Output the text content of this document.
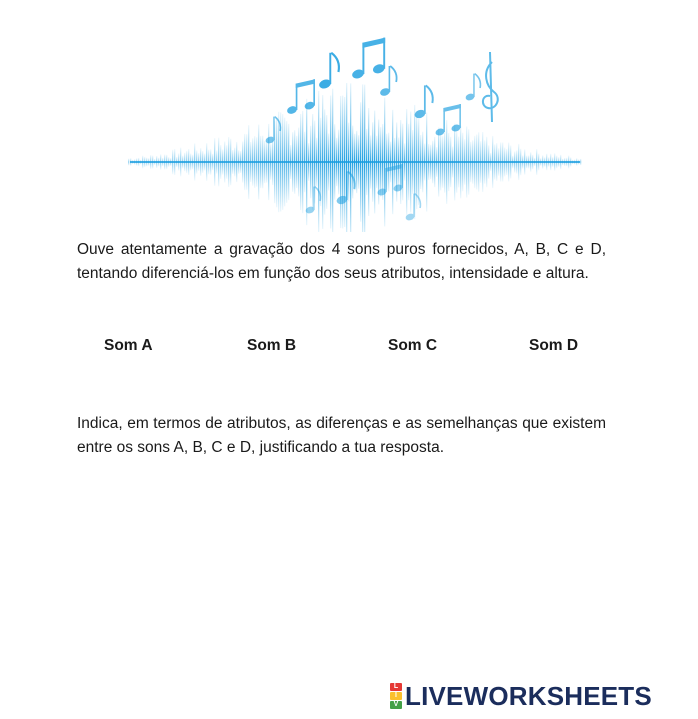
Ouve atentamente a gravação dos 4 sons puros fornecidos, A, B, C e D, tentando diferenciá-los em função dos seus atributos, intensidade e altura.

Som A	Som B	Som C	Som D

Indica, em termos de atributos, as diferenças e as semelhanças que existem entre os sons A, B, C e D, justificando a tua resposta.

L
I
V LIVEWORKSHEETS
